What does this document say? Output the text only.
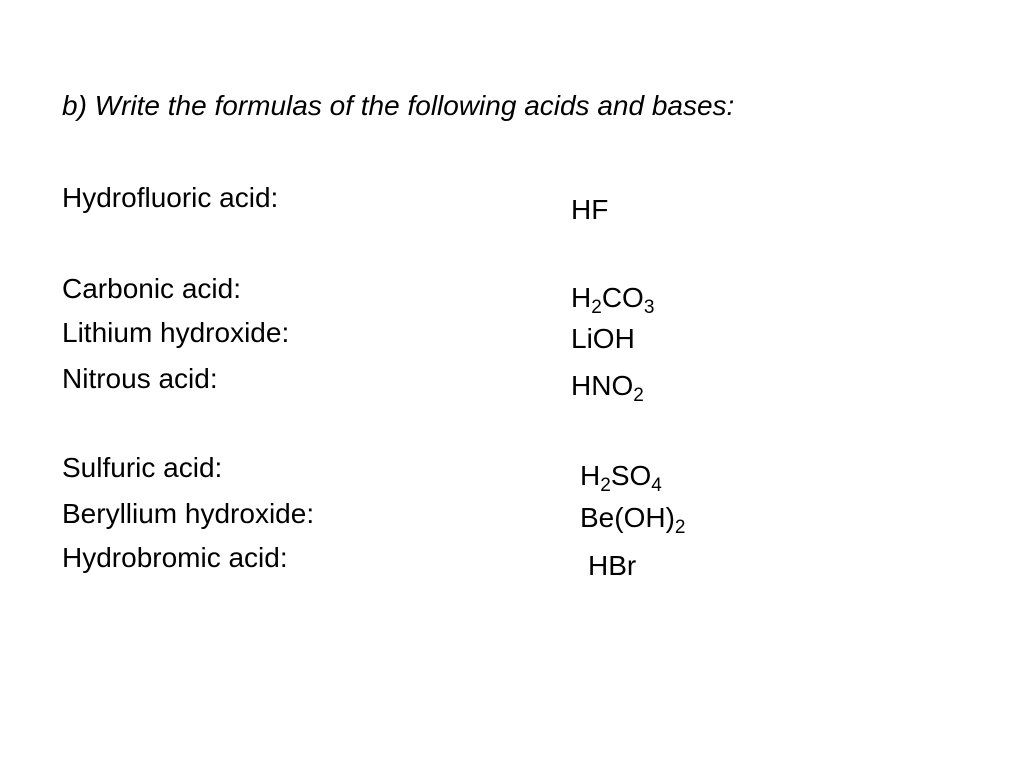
b) Write the formulas of the following acids and bases:
Hydrofluoric acid:
Carbonic acid:
Lithium hydroxide:
Nitrous acid:
Sulfuric acid:
Beryllium hydroxide:
Hydrobromic acid:
HF
$H_2CO_3$
LiOH
$HNO_2$
$H_2SO_4$
$Be(OH)_2$
HBr
